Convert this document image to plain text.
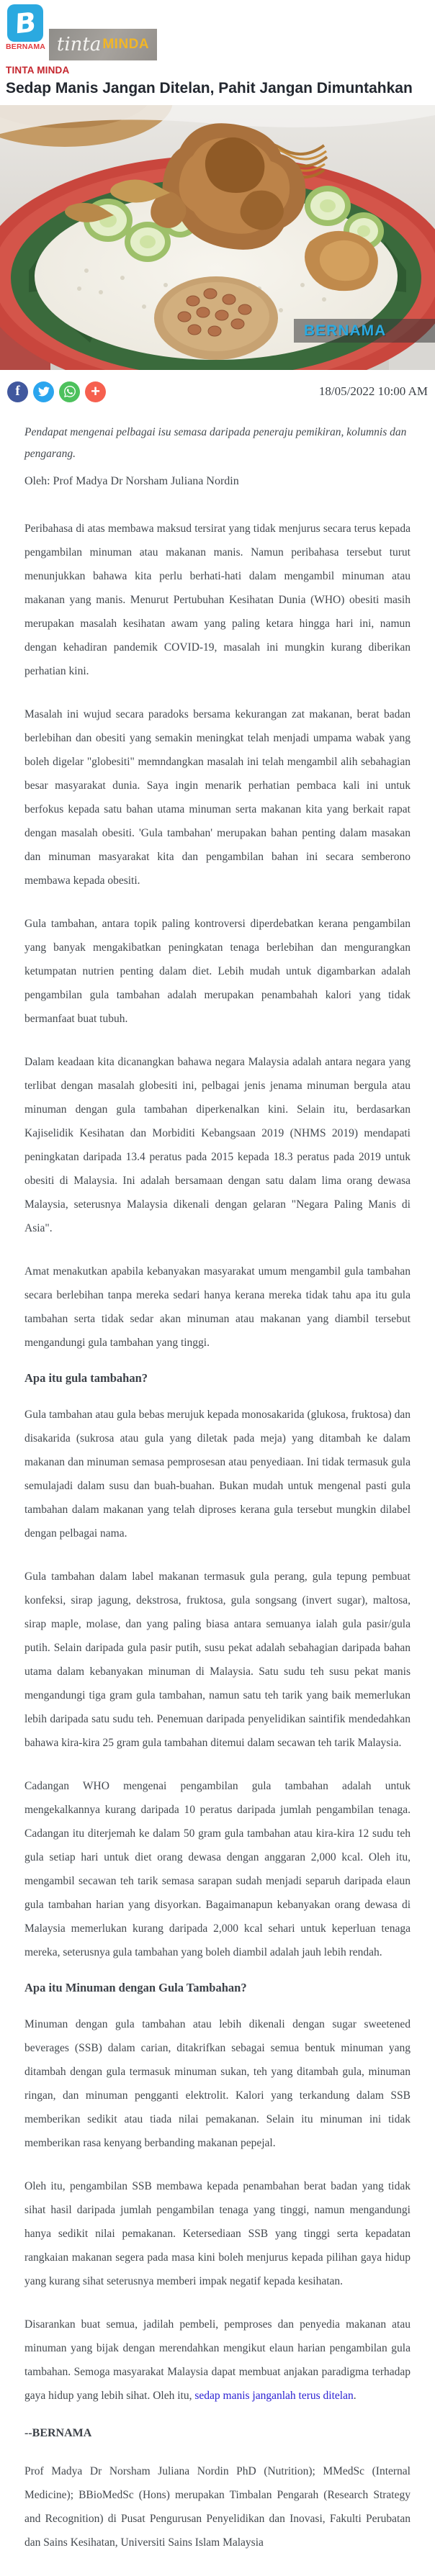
B
BERNAMA tinta MINDA
TINTA MINDA
Sedap Manis Jangan Ditelan, Pahit Jangan Dimuntahkan
BERNAMA
f	+	18/05/2022 10:00 AM

Pendapat mengenai pelbagai isu semasa daripada peneraju pemikiran, kolumnis dan pengarang.

Oleh: Prof Madya Dr Norsham Juliana Nordin

Peribahasa di atas membawa maksud tersirat yang tidak menjurus secara terus kepada pengambilan minuman atau makanan manis. Namun peribahasa tersebut turut menunjukkan bahawa kita perlu berhati-hati dalam mengambil minuman atau makanan yang manis. Menurut Pertubuhan Kesihatan Dunia (WHO) obesiti masih merupakan masalah kesihatan awam yang paling ketara hingga hari ini, namun dengan kehadiran pandemik COVID-19, masalah ini mungkin kurang diberikan perhatian kini.

Masalah ini wujud secara paradoks bersama kekurangan zat makanan, berat badan berlebihan dan obesiti yang semakin meningkat telah menjadi umpama wabak yang boleh digelar "globesiti" memndangkan masalah ini telah mengambil alih sebahagian besar masyarakat dunia. Saya ingin menarik perhatian pembaca kali ini untuk berfokus kepada satu bahan utama minuman serta makanan kita yang berkait rapat dengan masalah obesiti. 'Gula tambahan' merupakan bahan penting dalam masakan dan minuman masyarakat kita dan pengambilan bahan ini secara semberono membawa kepada obesiti.

Gula tambahan, antara topik paling kontroversi diperdebatkan kerana pengambilan yang banyak mengakibatkan peningkatan tenaga berlebihan dan mengurangkan ketumpatan nutrien penting dalam diet. Lebih mudah untuk digambarkan adalah pengambilan gula tambahan adalah merupakan penambahah kalori yang tidak bermanfaat buat tubuh.

Dalam keadaan kita dicanangkan bahawa negara Malaysia adalah antara negara yang terlibat dengan masalah globesiti ini, pelbagai jenis jenama minuman bergula atau minuman dengan gula tambahan diperkenalkan kini. Selain itu, berdasarkan Kajiselidik Kesihatan dan Morbiditi Kebangsaan 2019 (NHMS 2019) mendapati peningkatan daripada 13.4 peratus pada 2015 kepada 18.3 peratus pada 2019 untuk obesiti di Malaysia. Ini adalah bersamaan dengan satu dalam lima orang dewasa Malaysia, seterusnya Malaysia dikenali dengan gelaran "Negara Paling Manis di Asia".

Amat menakutkan apabila kebanyakan masyarakat umum mengambil gula tambahan secara berlebihan tanpa mereka sedari hanya kerana mereka tidak tahu apa itu gula tambahan serta tidak sedar akan minuman atau makanan yang diambil tersebut mengandungi gula tambahan yang tinggi.

Apa itu gula tambahan?

Gula tambahan atau gula bebas merujuk kepada monosakarida (glukosa, fruktosa) dan disakarida (sukrosa atau gula yang diletak pada meja) yang ditambah ke dalam makanan dan minuman semasa pemprosesan atau penyediaan. Ini tidak termasuk gula semulajadi dalam susu dan buah-buahan. Bukan mudah untuk mengenal pasti gula tambahan dalam makanan yang telah diproses kerana gula tersebut mungkin dilabel dengan pelbagai nama.

Gula tambahan dalam label makanan termasuk gula perang, gula tepung pembuat konfeksi, sirap jagung, dekstrosa, fruktosa, gula songsang (invert sugar), maltosa, sirap maple, molase, dan yang paling biasa antara semuanya ialah gula pasir/gula putih. Selain daripada gula pasir putih, susu pekat adalah sebahagian daripada bahan utama dalam kebanyakan minuman di Malaysia. Satu sudu teh susu pekat manis mengandungi tiga gram gula tambahan, namun satu teh tarik yang baik memerlukan lebih daripada satu sudu teh. Penemuan daripada penyelidikan saintifik mendedahkan bahawa kira-kira 25 gram gula tambahan ditemui dalam secawan teh tarik Malaysia.

Cadangan WHO mengenai pengambilan gula tambahan adalah untuk mengekalkannya kurang daripada 10 peratus daripada jumlah pengambilan tenaga. Cadangan itu diterjemah ke dalam 50 gram gula tambahan atau kira-kira 12 sudu teh gula setiap hari untuk diet orang dewasa dengan anggaran 2,000 kcal. Oleh itu, mengambil secawan teh tarik semasa sarapan sudah menjadi separuh daripada elaun gula tambahan harian yang disyorkan. Bagaimanapun kebanyakan orang dewasa di Malaysia memerlukan kurang daripada 2,000 kcal sehari untuk keperluan tenaga mereka, seterusnya gula tambahan yang boleh diambil adalah jauh lebih rendah.

Apa itu Minuman dengan Gula Tambahan?

Minuman dengan gula tambahan atau lebih dikenali dengan sugar sweetened beverages (SSB) dalam carian, ditakrifkan sebagai semua bentuk minuman yang ditambah dengan gula termasuk minuman sukan, teh yang ditambah gula, minuman ringan, dan minuman pengganti elektrolit. Kalori yang terkandung dalam SSB memberikan sedikit atau tiada nilai pemakanan. Selain itu minuman ini tidak memberikan rasa kenyang berbanding makanan pepejal.

Oleh itu, pengambilan SSB membawa kepada penambahan berat badan yang tidak sihat hasil daripada jumlah pengambilan tenaga yang tinggi, namun mengandungi hanya sedikit nilai pemakanan. Ketersediaan SSB yang tinggi serta kepadatan rangkaian makanan segera pada masa kini boleh menjurus kepada pilihan gaya hidup yang kurang sihat seterusnya memberi impak negatif kepada kesihatan.

Disarankan buat semua, jadilah pembeli, pemproses dan penyedia makanan atau minuman yang bijak dengan merendahkan mengikut elaun harian pengambilan gula tambahan. Semoga masyarakat Malaysia dapat membuat anjakan paradigma terhadap gaya hidup yang lebih sihat. Oleh itu, sedap manis janganlah terus ditelan.

--BERNAMA

Prof Madya Dr Norsham Juliana Nordin PhD (Nutrition); MMedSc (Internal Medicine); BBioMedSc (Hons) merupakan Timbalan Pengarah (Research Strategy and Recognition) di Pusat Pengurusan Penyelidikan dan Inovasi, Fakulti Perubatan dan Sains Kesihatan, Universiti Sains Islam Malaysia
